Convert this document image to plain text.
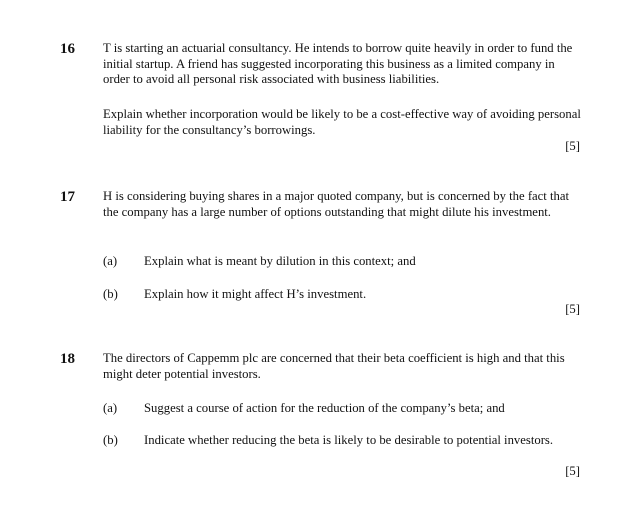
16 T is starting an actuarial consultancy. He intends to borrow quite heavily in order to fund the initial startup. A friend has suggested incorporating this business as a limited company in order to avoid all personal risk associated with business liabilities.
Explain whether incorporation would be likely to be a cost-effective way of avoiding personal liability for the consultancy’s borrowings.
[5]
17 H is considering buying shares in a major quoted company, but is concerned by the fact that the company has a large number of options outstanding that might dilute his investment.
(a) Explain what is meant by dilution in this context; and
(b) Explain how it might affect H’s investment.
[5]
18 The directors of Cappemm plc are concerned that their beta coefficient is high and that this might deter potential investors.
(a) Suggest a course of action for the reduction of the company’s beta; and
(b) Indicate whether reducing the beta is likely to be desirable to potential investors.
[5]
